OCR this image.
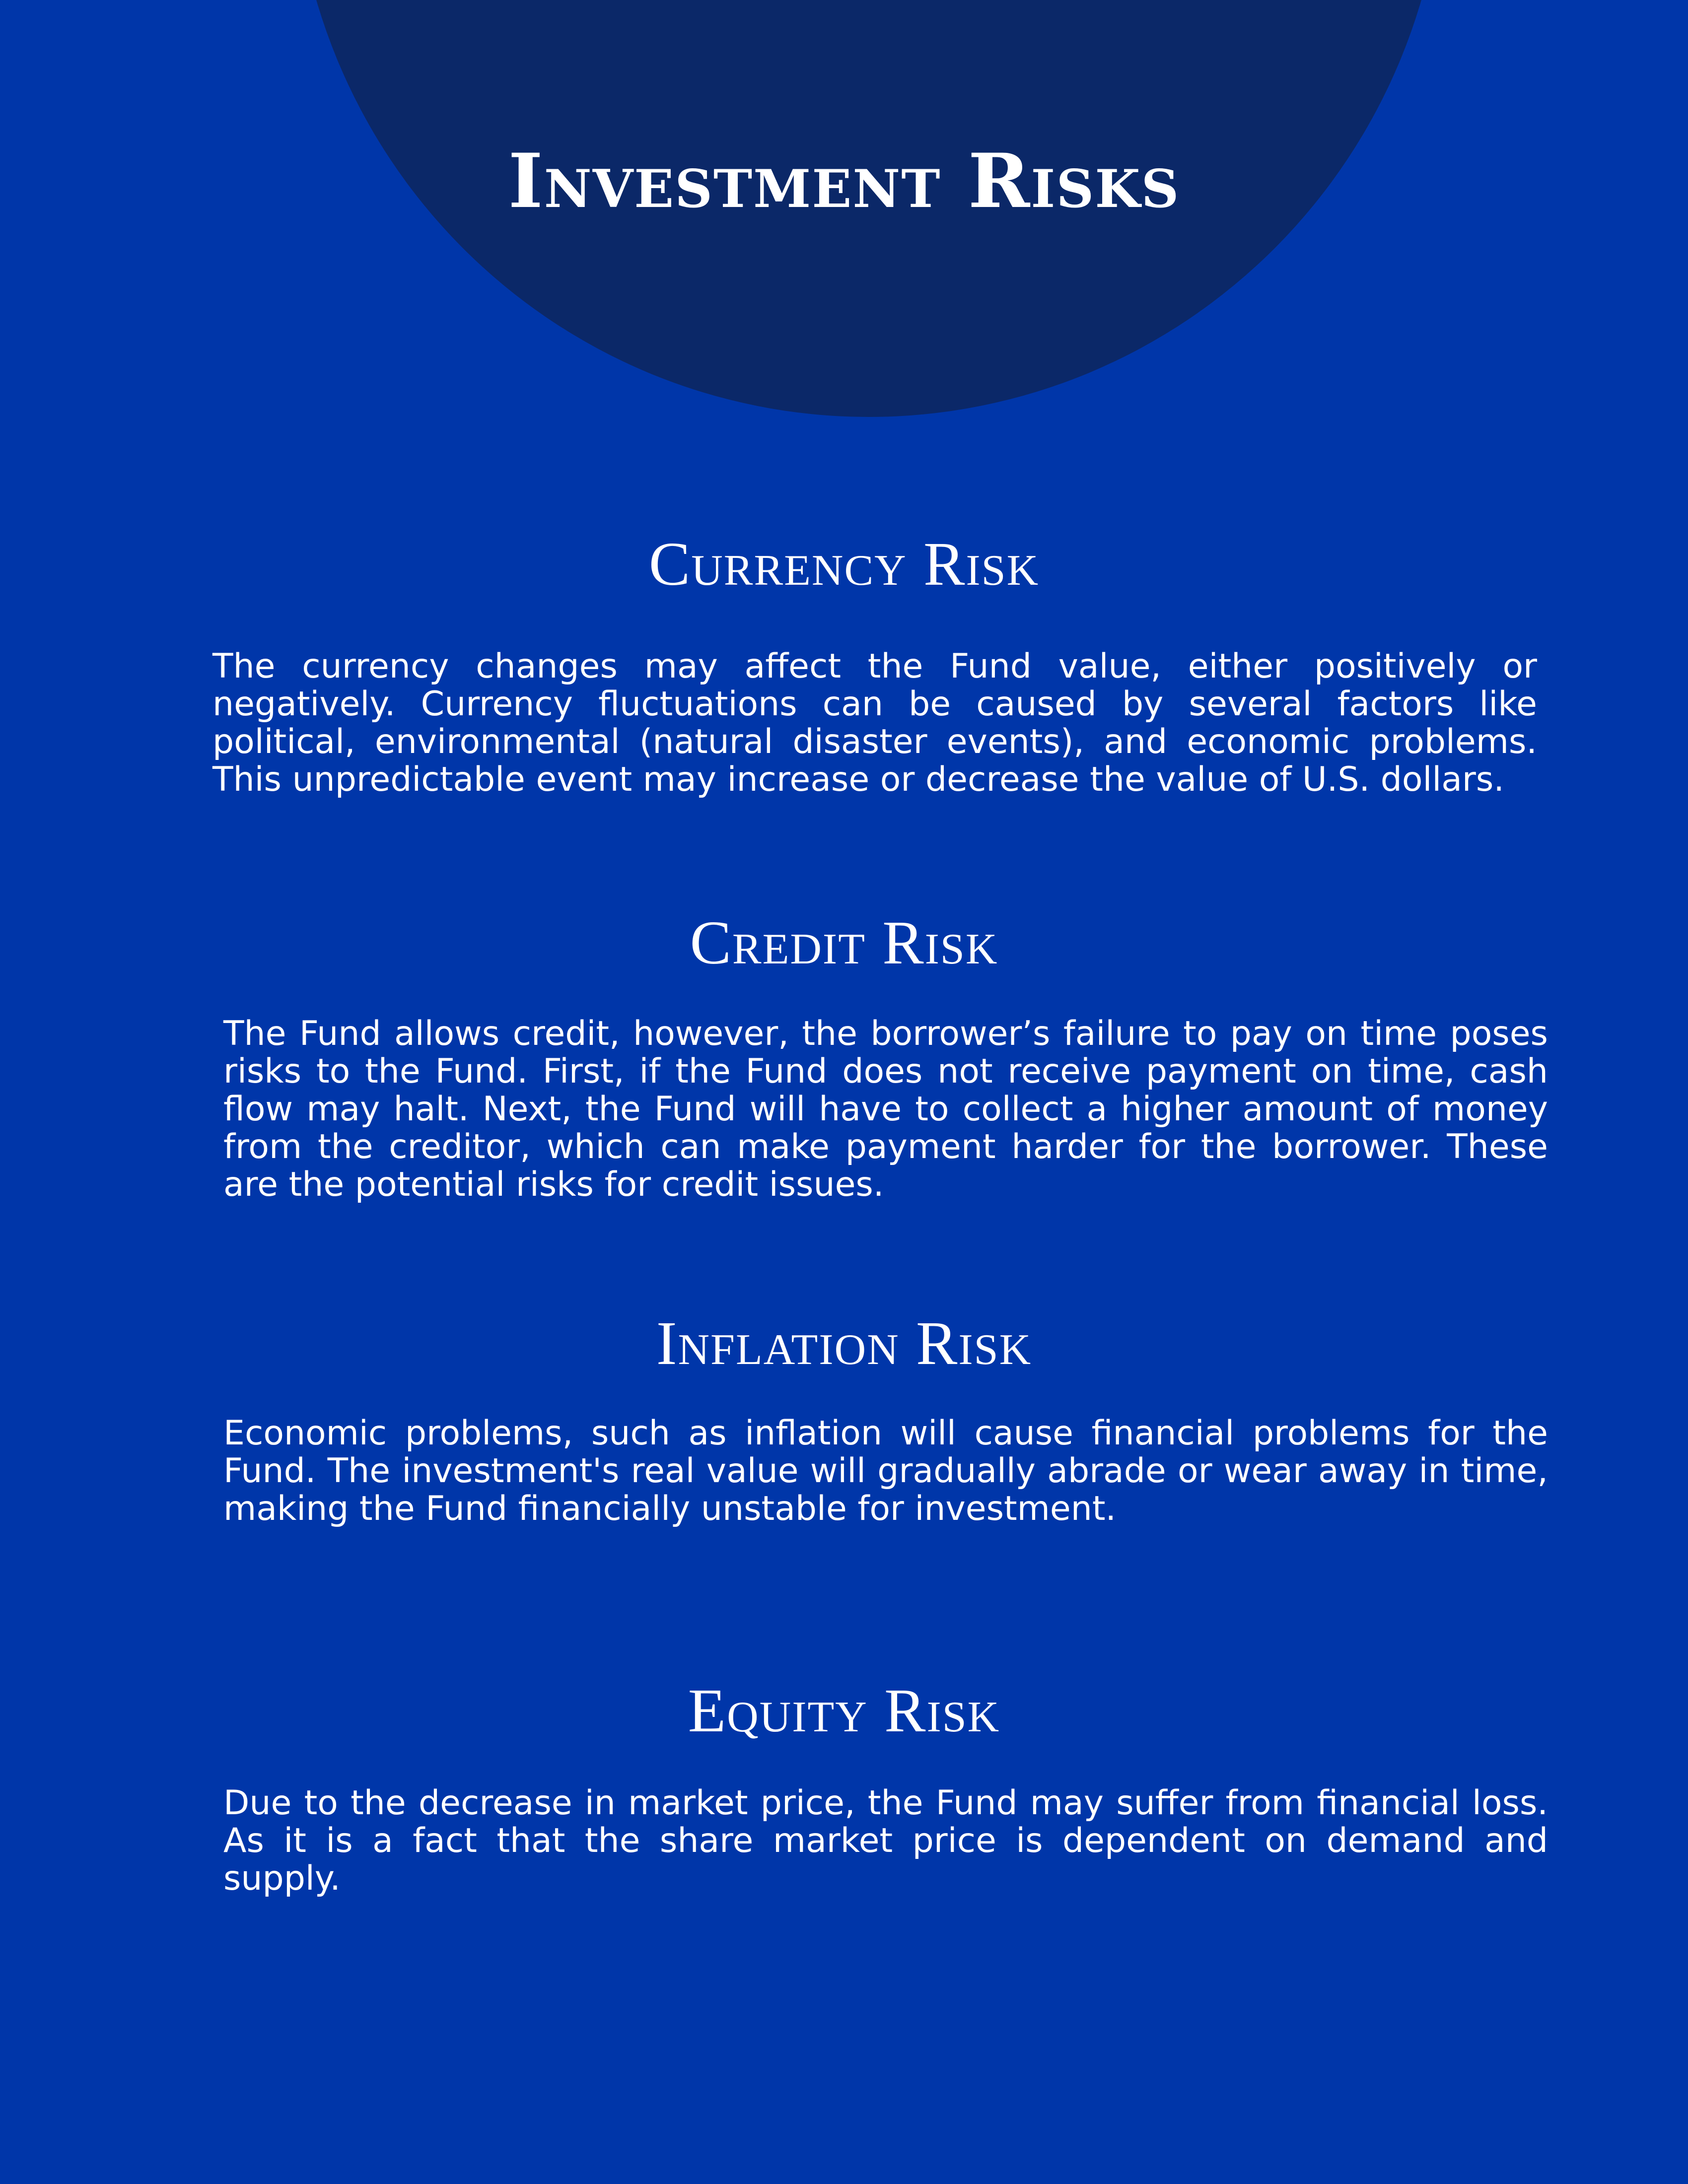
Investment Risks
Currency Risk

The currency changes may affect the Fund value, either positively or negatively. Currency fluctuations can be caused by several factors like political, environmental (natural disaster events), and economic problems. This unpredictable event may increase or decrease the value of U.S. dollars.

Credit Risk

The Fund allows credit, however, the borrower’s failure to pay on time poses risks to the Fund. First, if the Fund does not receive payment on time, cash flow may halt. Next, the Fund will have to collect a higher amount of money from the creditor, which can make payment harder for the borrower. These are the potential risks for credit issues.

Inflation Risk

Economic problems, such as inflation will cause financial problems for the Fund. The investment's real value will gradually abrade or wear away in time, making the Fund financially unstable for investment.

Equity Risk

Due to the decrease in market price, the Fund may suffer from financial loss. As it is a fact that the share market price is dependent on demand and supply.
